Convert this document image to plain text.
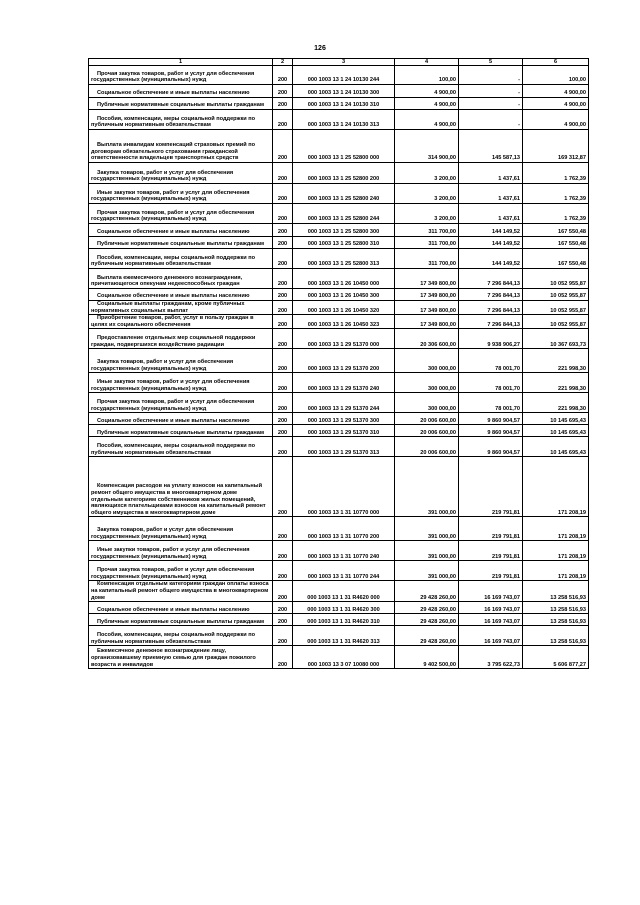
126
1	2	3	4	5	6
Прочая закупка товаров, работ и услуг для обеспечения государственных (муниципальных) нужд	200	000 1003 13 1 24 10130 244	100,00	-	100,00
Социальное обеспечение и иные выплаты населению	200	000 1003 13 1 24 10130 300	4 900,00	-	4 900,00
Публичные нормативные социальные выплаты гражданам	200	000 1003 13 1 24 10130 310	4 900,00	-	4 900,00
Пособия, компенсации, меры социальной поддержки по публичным нормативным обязательствам	200	000 1003 13 1 24 10130 313	4 900,00	-	4 900,00
Выплата инвалидам компенсаций страховых премий по договорам обязательного страхования гражданской ответственности владельцев транспортных средств	200	000 1003 13 1 25 52800 000	314 900,00	145 587,13	169 312,87
Закупка товаров, работ и услуг для обеспечения государственных (муниципальных) нужд	200	000 1003 13 1 25 52800 200	3 200,00	1 437,61	1 762,39
Иные закупки товаров, работ и услуг для обеспечения государственных (муниципальных) нужд	200	000 1003 13 1 25 52800 240	3 200,00	1 437,61	1 762,39
Прочая закупка товаров, работ и услуг для обеспечения государственных (муниципальных) нужд	200	000 1003 13 1 25 52800 244	3 200,00	1 437,61	1 762,39
Социальное обеспечение и иные выплаты населению	200	000 1003 13 1 25 52800 300	311 700,00	144 149,52	167 550,48
Публичные нормативные социальные выплаты гражданам	200	000 1003 13 1 25 52800 310	311 700,00	144 149,52	167 550,48
Пособия, компенсации, меры социальной поддержки по публичным нормативным обязательствам	200	000 1003 13 1 25 52800 313	311 700,00	144 149,52	167 550,48
Выплата ежемесячного денежного вознаграждения, причитающегося опекунам недееспособных граждан	200	000 1003 13 1 26 10450 000	17 349 800,00	7 296 844,13	10 052 955,87
Социальное обеспечение и иные выплаты населению	200	000 1003 13 1 26 10450 300	17 349 800,00	7 296 844,13	10 052 955,87
Социальные выплаты гражданам, кроме публичных нормативных социальных выплат	200	000 1003 13 1 26 10450 320	17 349 800,00	7 296 844,13	10 052 955,87
Приобретение товаров, работ, услуг в пользу граждан в целях их социального обеспечения	200	000 1003 13 1 26 10450 323	17 349 800,00	7 296 844,13	10 052 955,87
Предоставление отдельных мер социальной поддержки граждан, подвергшихся воздействию радиации	200	000 1003 13 1 29 51370 000	20 306 600,00	9 938 906,27	10 367 693,73
Закупка товаров, работ и услуг для обеспечения государственных (муниципальных) нужд	200	000 1003 13 1 29 51370 200	300 000,00	78 001,70	221 998,30
Иные закупки товаров, работ и услуг для обеспечения государственных (муниципальных) нужд	200	000 1003 13 1 29 51370 240	300 000,00	78 001,70	221 998,30
Прочая закупка товаров, работ и услуг для обеспечения государственных (муниципальных) нужд	200	000 1003 13 1 29 51370 244	300 000,00	78 001,70	221 998,30
Социальное обеспечение и иные выплаты населению	200	000 1003 13 1 29 51370 300	20 006 600,00	9 860 904,57	10 145 695,43
Публичные нормативные социальные выплаты гражданам	200	000 1003 13 1 29 51370 310	20 006 600,00	9 860 904,57	10 145 695,43
Пособия, компенсации, меры социальной поддержки по публичным нормативным обязательствам	200	000 1003 13 1 29 51370 313	20 006 600,00	9 860 904,57	10 145 695,43
Компенсация расходов на уплату взносов на капитальный ремонт общего имущества в многоквартирном доме отдельным категориям собственников жилых помещений, являющихся плательщиками взносов на капитальный ремонт общего имущества в многоквартирном доме	200	000 1003 13 1 31 10770 000	391 000,00	219 791,81	171 208,19
Закупка товаров, работ и услуг для обеспечения государственных (муниципальных) нужд	200	000 1003 13 1 31 10770 200	391 000,00	219 791,81	171 208,19
Иные закупки товаров, работ и услуг для обеспечения государственных (муниципальных) нужд	200	000 1003 13 1 31 10770 240	391 000,00	219 791,81	171 208,19
Прочая закупка товаров, работ и услуг для обеспечения государственных (муниципальных) нужд	200	000 1003 13 1 31 10770 244	391 000,00	219 791,81	171 208,19
Компенсация отдельным категориям граждан оплаты взноса на капитальный ремонт общего имущества в многоквартирном доме	200	000 1003 13 1 31 R4620 000	29 428 260,00	16 169 743,07	13 258 516,93
Социальное обеспечение и иные выплаты населению	200	000 1003 13 1 31 R4620 300	29 428 260,00	16 169 743,07	13 258 516,93
Публичные нормативные социальные выплаты гражданам	200	000 1003 13 1 31 R4620 310	29 428 260,00	16 169 743,07	13 258 516,93
Пособия, компенсации, меры социальной поддержки по публичным нормативным обязательствам	200	000 1003 13 1 31 R4620 313	29 428 260,00	16 169 743,07	13 258 516,93
Ежемесячное денежное вознаграждение лицу, организовавшему приемную семью для граждан пожилого возраста и инвалидов	200	000 1003 13 3 07 10080 000	9 402 500,00	3 795 622,73	5 606 877,27
